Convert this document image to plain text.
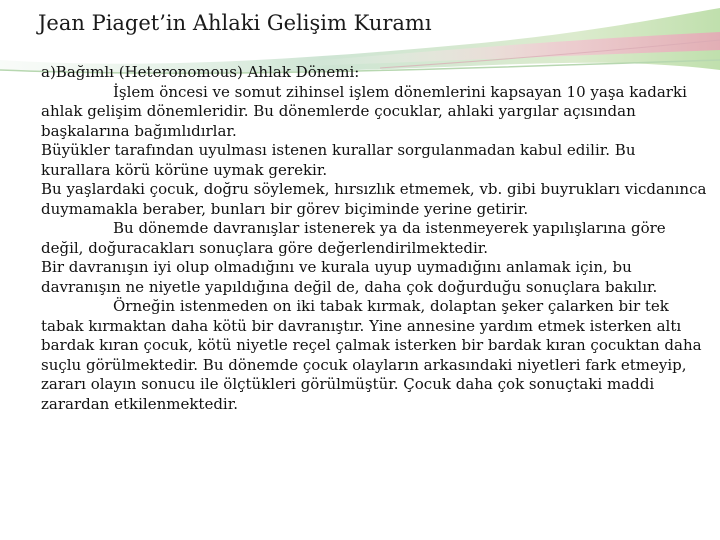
Jean Piaget’in Ahlaki Gelişim Kuramı

a)Bağımlı (Heteronomous) Ahlak Dönemi:

İşlem öncesi ve somut zihinsel işlem dönemlerini kapsayan 10 yaşa kadarki ahlak gelişim dönemleridir. Bu dönemlerde çocuklar, ahlaki yargılar açısından başkalarına bağımlıdırlar.

Büyükler tarafından uyulması istenen kurallar sorgulanmadan kabul edilir. Bu kurallara körü körüne uymak gerekir.

Bu yaşlardaki çocuk, doğru söylemek, hırsızlık etmemek, vb. gibi buyrukları vicdanınca duymamakla beraber, bunları bir görev biçiminde yerine getirir.

Bu dönemde davranışlar istenerek ya da istenmeyerek yapılışlarına göre değil, doğuracakları sonuçlara göre değerlendirilmektedir.

Bir davranışın iyi olup olmadığını ve kurala uyup uymadığını anlamak için, bu davranışın ne niyetle yapıldığına değil de, daha çok doğurduğu sonuçlara bakılır.

Örneğin istenmeden on iki tabak kırmak, dolaptan şeker çalarken bir tek tabak kırmaktan daha kötü bir davranıştır. Yine annesine yardım etmek isterken altı bardak kıran çocuk, kötü niyetle reçel çalmak isterken bir bardak kıran çocuktan daha suçlu görülmektedir. Bu dönemde çocuk olayların arkasındaki niyetleri fark etmeyip, zararı olayın sonucu ile ölçtükleri görülmüştür. Çocuk daha çok sonuçtaki maddi zarardan etkilenmektedir.
